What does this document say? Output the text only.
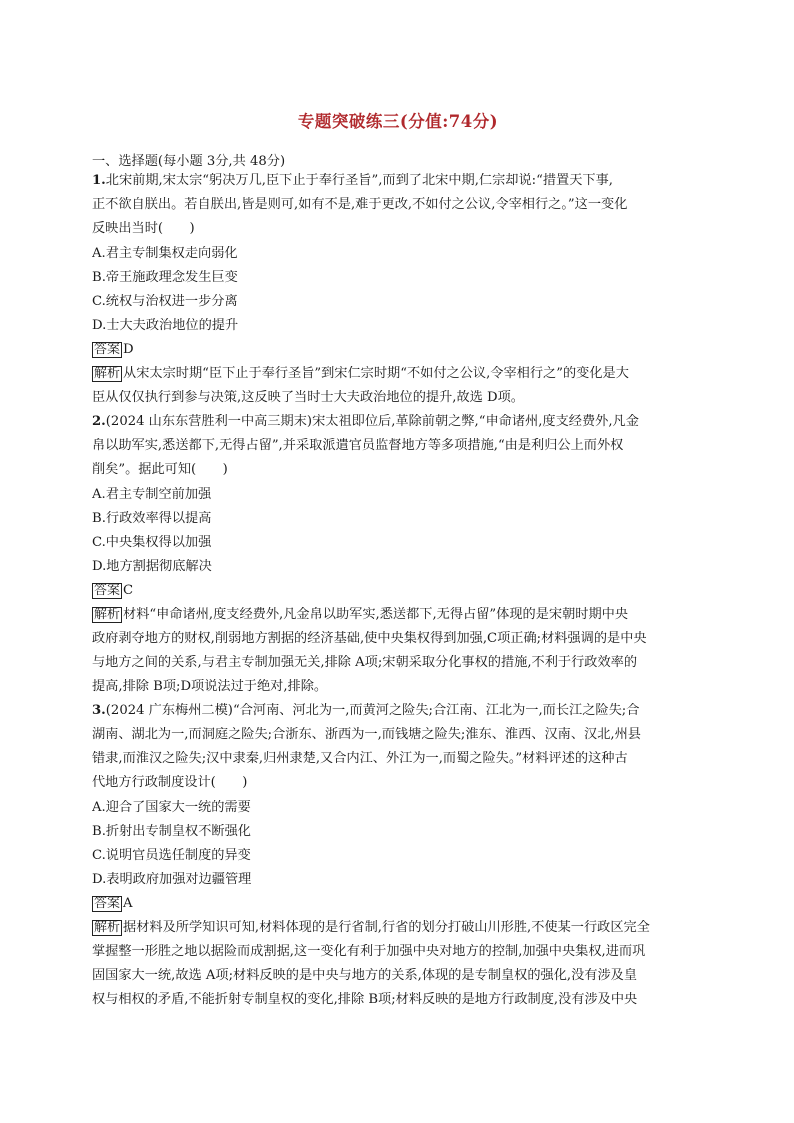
专题突破练三(分值:74分)
一、选择题(每小题 3分,共 48分)
1.北宋前期,宋太宗“躬决万几,臣下止于奉行圣旨”,而到了北宋中期,仁宗却说:“措置天下事,
正不欲自朕出。若自朕出,皆是则可,如有不是,难于更改,不如付之公议,令宰相行之。”这一变化
反映出当时(　　)
A.君主专制集权走向弱化
B.帝王施政理念发生巨变
C.统权与治权进一步分离
D.士大夫政治地位的提升
答案 D
解析 从宋太宗时期“臣下止于奉行圣旨”到宋仁宗时期“不如付之公议,令宰相行之”的变化是大
臣从仅仅执行到参与决策,这反映了当时士大夫政治地位的提升,故选 D项。
2.(2024 山东东营胜利一中高三期末)宋太祖即位后,革除前朝之弊,“申命诸州,度支经费外,凡金
帛以助军实,悉送都下,无得占留”,并采取派遣官员监督地方等多项措施,“由是利归公上而外权
削矣”。据此可知(　　)
A.君主专制空前加强
B.行政效率得以提高
C.中央集权得以加强
D.地方割据彻底解决
答案 C
解析 材料“申命诸州,度支经费外,凡金帛以助军实,悉送都下,无得占留”体现的是宋朝时期中央
政府剥夺地方的财权,削弱地方割据的经济基础,使中央集权得到加强,C项正确;材料强调的是中央
与地方之间的关系,与君主专制加强无关,排除 A项;宋朝采取分化事权的措施,不利于行政效率的
提高,排除 B项;D项说法过于绝对,排除。
3.(2024 广东梅州二模)“合河南、河北为一,而黄河之险失;合江南、江北为一,而长江之险失;合
湖南、湖北为一,而洞庭之险失;合浙东、浙西为一,而钱塘之险失;淮东、淮西、汉南、汉北,州县
错隶,而淮汉之险失;汉中隶秦,归州隶楚,又合内江、外江为一,而蜀之险失。”材料评述的这种古
代地方行政制度设计(　　)
A.迎合了国家大一统的需要
B.折射出专制皇权不断强化
C.说明官员选任制度的异变
D.表明政府加强对边疆管理
答案 A
解析 据材料及所学知识可知,材料体现的是行省制,行省的划分打破山川形胜,不使某一行政区完全
掌握整一形胜之地以据险而成割据,这一变化有利于加强中央对地方的控制,加强中央集权,进而巩
固国家大一统,故选 A项;材料反映的是中央与地方的关系,体现的是专制皇权的强化,没有涉及皇
权与相权的矛盾,不能折射专制皇权的变化,排除 B项;材料反映的是地方行政制度,没有涉及中央
